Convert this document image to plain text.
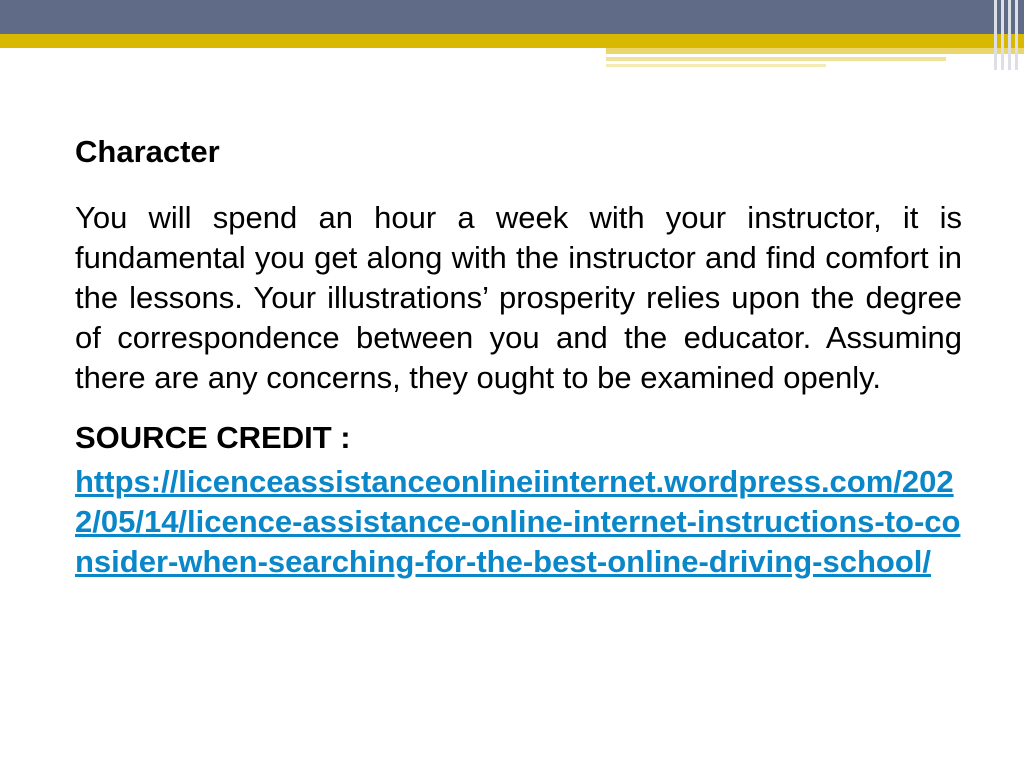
Character

You will spend an hour a week with your instructor, it is fundamental you get along with the instructor and find comfort in the lessons. Your illustrations’ prosperity relies upon the degree of correspondence between you and the educator. Assuming there are any concerns, they ought to be examined openly.

SOURCE CREDIT :

https://licenceassistanceonlineiinternet.wordpress.com/2022/05/14/licence-assistance-online-internet-instructions-to-consider-when-searching-for-the-best-online-driving-school/
